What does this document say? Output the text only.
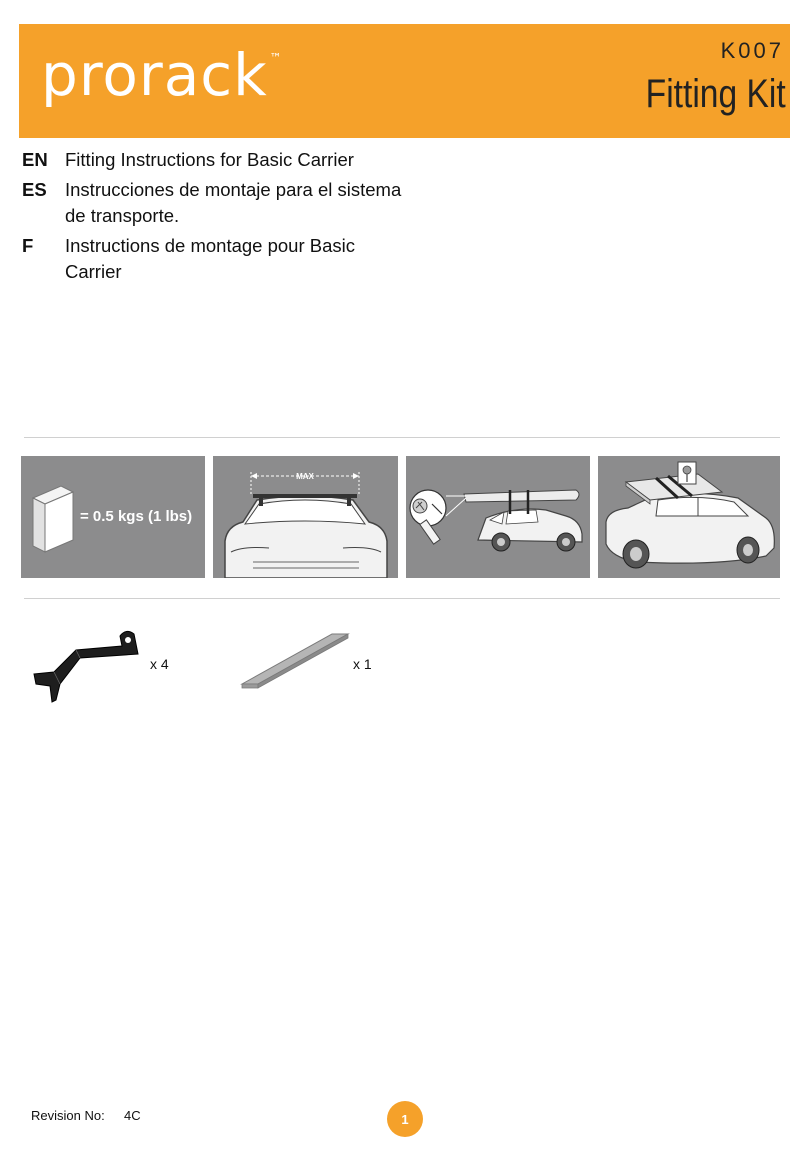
prorack ™	K007
Fitting Kit
EN Fitting Instructions for Basic Carrier
ES Instrucciones de montaje para el sistema de transporte.
F	Instructions de montage pour Basic Carrier
= 0.5 kgs (1 lbs)
MAX
x 4	x 1
Revision No: 4C	1
